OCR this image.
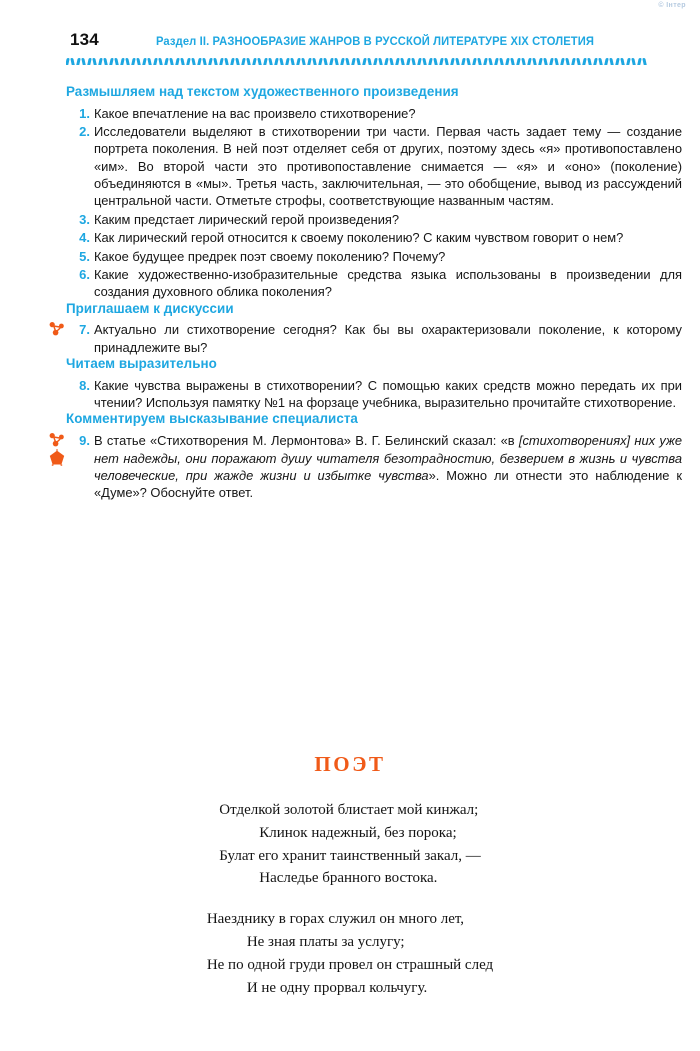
© Інтер
134	Раздел II. РАЗНООБРАЗИЕ ЖАНРОВ В РУССКОЙ ЛИТЕРАТУРЕ XIX СТОЛЕТИЯ
Размышляем над текстом художественного произведения
1. Какое впечатление на вас произвело стихотворение?
2. Исследователи выделяют в стихотворении три части. Первая часть задает тему — создание портрета поколения. В ней поэт отделяет себя от других, поэтому здесь «я» противопоставлено «им». Во второй части это противопоставление снимается — «я» и «оно» (поколение) объединяются в «мы». Третья часть, заключительная, — это обобщение, вывод из рассуждений центральной части. Отметьте строфы, соответствующие названным частям.
3. Каким предстает лирический герой произведения?
4. Как лирический герой относится к своему поколению? С каким чувством говорит о нем?
5. Какое будущее предрек поэт своему поколению? Почему?
6. Какие художественно-изобразительные средства языка использованы в произведении для создания духовного облика поколения?
Приглашаем к дискуссии
7. Актуально ли стихотворение сегодня? Как бы вы охарактеризовали поколение, к которому принадлежите вы?
Читаем выразительно
8. Какие чувства выражены в стихотворении? С помощью каких средств можно передать их при чтении? Используя памятку №1 на форзаце учебника, выразительно прочитайте стихотворение.
Комментируем высказывание специалиста
9. В статье «Стихотворения М. Лермонтова» В. Г. Белинский сказал: «в [стихотворениях] них уже нет надежды, они поражают душу читателя безотрадностию, безверием в жизнь и чувства человеческие, при жажде жизни и избытке чувства». Можно ли отнести это наблюдение к «Думе»? Обоснуйте ответ.
ПОЭТ
Отделкой золотой блистает мой кинжал;
Клинок надежный, без порока;
Булат его хранит таинственный закал, —
Наследье бранного востока.
Наезднику в горах служил он много лет,
Не зная платы за услугу;
Не по одной груди провел он страшный след
И не одну прорвал кольчугу.
